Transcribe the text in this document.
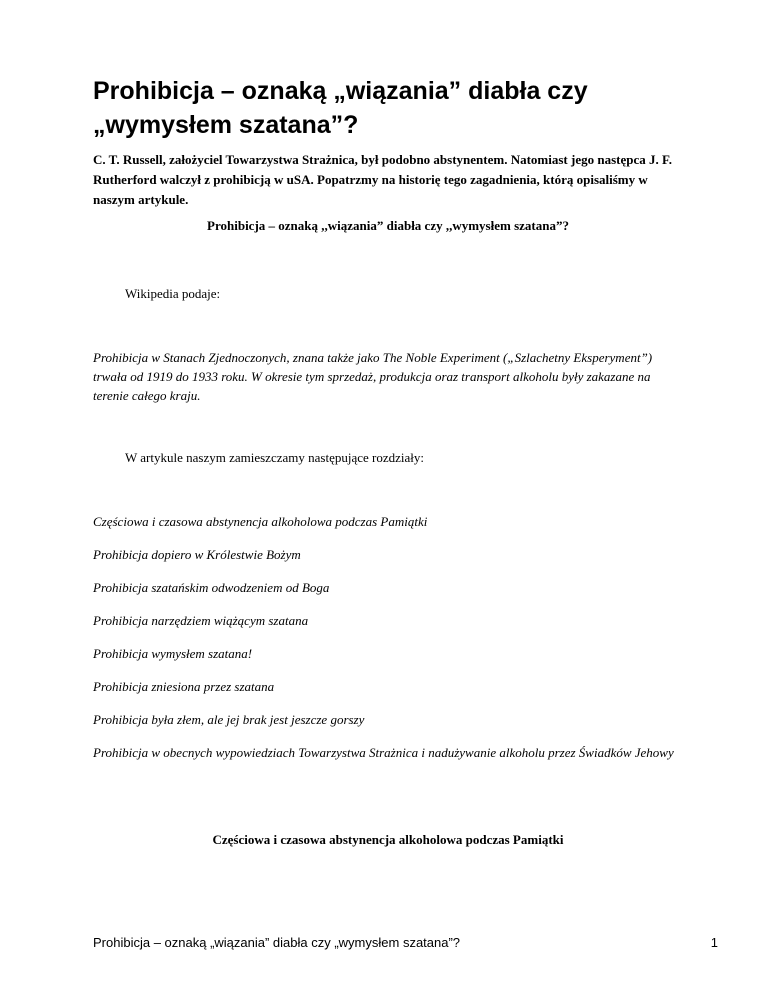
Prohibicja – oznaką „wiązania” diabła czy „wymysłem szatana”?

C. T. Russell, założyciel Towarzystwa Strażnica, był podobno abstynentem. Natomiast jego następca J. F. Rutherford walczył z prohibicją w uSA. Popatrzmy na historię tego zagadnienia, którą opisaliśmy w naszym artykule.

Prohibicja – oznaką ,,wiązania” diabła czy ,,wymysłem szatana”?

Wikipedia podaje:

Prohibicja w Stanach Zjednoczonych, znana także jako The Noble Experiment („Szlachetny Eksperyment”) trwała od 1919 do 1933 roku. W okresie tym sprzedaż, produkcja oraz transport alkoholu były zakazane na terenie całego kraju.

W artykule naszym zamieszczamy następujące rozdziały:

Częściowa i czasowa abstynencja alkoholowa podczas Pamiątki
Prohibicja dopiero w Królestwie Bożym
Prohibicja szatańskim odwodzeniem od Boga
Prohibicja narzędziem wiążącym szatana
Prohibicja wymysłem szatana!
Prohibicja zniesiona przez szatana
Prohibicja była złem, ale jej brak jest jeszcze gorszy
Prohibicja w obecnych wypowiedziach Towarzystwa Strażnica i nadużywanie alkoholu przez Świadków Jehowy

Częściowa i czasowa abstynencja alkoholowa podczas Pamiątki

Prohibicja – oznaką „wiązania” diabła czy „wymysłem szatana”?	1
